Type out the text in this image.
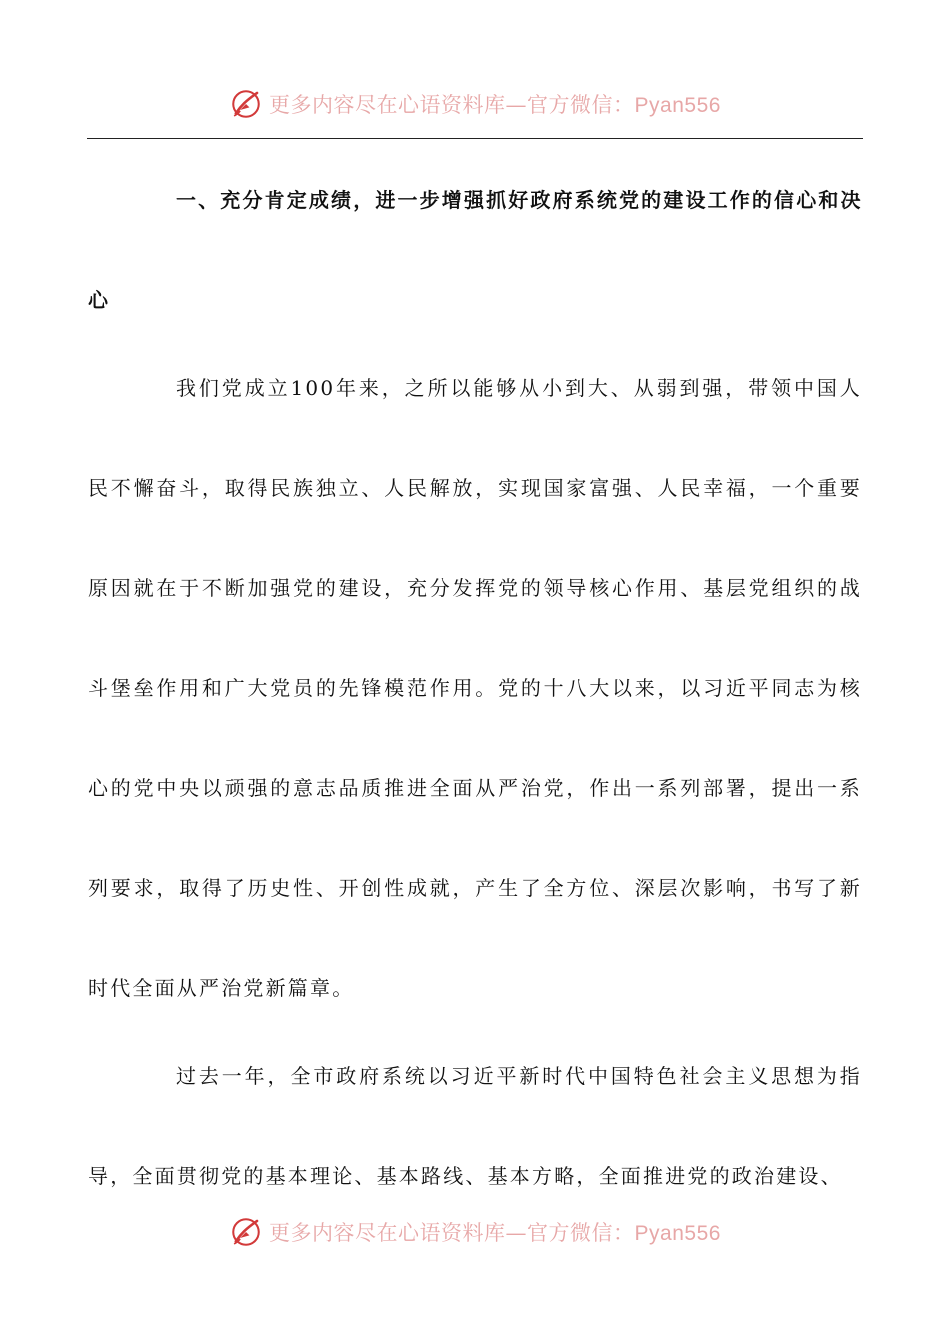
更多内容尽在心语资料库—官方微信：Pyan556

一、充分肯定成绩，进一步增强抓好政府系统党的建设工作的信心和决心

我们党成立100年来，之所以能够从小到大、从弱到强，带领中国人民不懈奋斗，取得民族独立、人民解放，实现国家富强、人民幸福，一个重要原因就在于不断加强党的建设，充分发挥党的领导核心作用、基层党组织的战斗堡垒作用和广大党员的先锋模范作用。党的十八大以来，以习近平同志为核心的党中央以顽强的意志品质推进全面从严治党，作出一系列部署，提出一系列要求，取得了历史性、开创性成就，产生了全方位、深层次影响，书写了新时代全面从严治党新篇章。

过去一年，全市政府系统以习近平新时代中国特色社会主义思想为指导，全面贯彻党的基本理论、基本路线、基本方略，全面推进党的政治建设、

更多内容尽在心语资料库—官方微信：Pyan556
